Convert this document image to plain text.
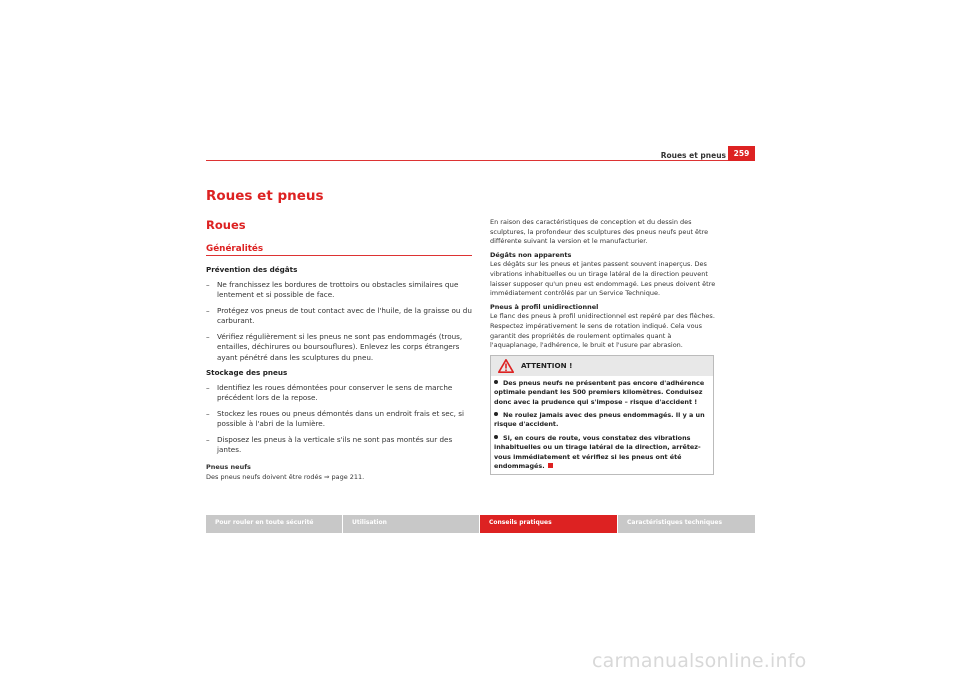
Roues et pneus	259
Roues et pneus
Roues
Généralités
Prévention des dégâts
– Ne franchissez les bordures de trottoirs ou obstacles similaires que lentement et si possible de face.
– Protégez vos pneus de tout contact avec de l'huile, de la graisse ou du carburant.
– Vérifiez régulièrement si les pneus ne sont pas endommagés (trous, entailles, déchirures ou boursouflures). Enlevez les corps étrangers ayant pénétré dans les sculptures du pneu.
Stockage des pneus
– Identifiez les roues démontées pour conserver le sens de marche précédent lors de la repose.
– Stockez les roues ou pneus démontés dans un endroit frais et sec, si possible à l'abri de la lumière.
– Disposez les pneus à la verticale s'ils ne sont pas montés sur des jantes.
Pneus neufs
Des pneus neufs doivent être rodés ⇒ page 211.
En raison des caractéristiques de conception et du dessin des sculptures, la profondeur des sculptures des pneus neufs peut être différente suivant la version et le manufacturier.
Dégâts non apparents
Les dégâts sur les pneus et jantes passent souvent inaperçus. Des vibrations inhabituelles ou un tirage latéral de la direction peuvent laisser supposer qu'un pneu est endommagé. Les pneus doivent être immédiatement contrôlés par un Service Technique.
Pneus à profil unidirectionnel
Le flanc des pneus à profil unidirectionnel est repéré par des flèches. Respectez impérativement le sens de rotation indiqué. Cela vous garantit des propriétés de roulement optimales quant à l'aquaplanage, l'adhérence, le bruit et l'usure par abrasion.
ATTENTION !
Des pneus neufs ne présentent pas encore d'adhérence optimale pendant les 500 premiers kilomètres. Conduisez donc avec la prudence qui s'impose – risque d'accident !
Ne roulez jamais avec des pneus endommagés. Il y a un risque d'accident.
Si, en cours de route, vous constatez des vibrations inhabituelles ou un tirage latéral de la direction, arrêtez-vous immédiatement et vérifiez si les pneus ont été endommagés.
Pour rouler en toute sécurité	Utilisation	Conseils pratiques	Caractéristiques techniques
carmanualsonline.info
